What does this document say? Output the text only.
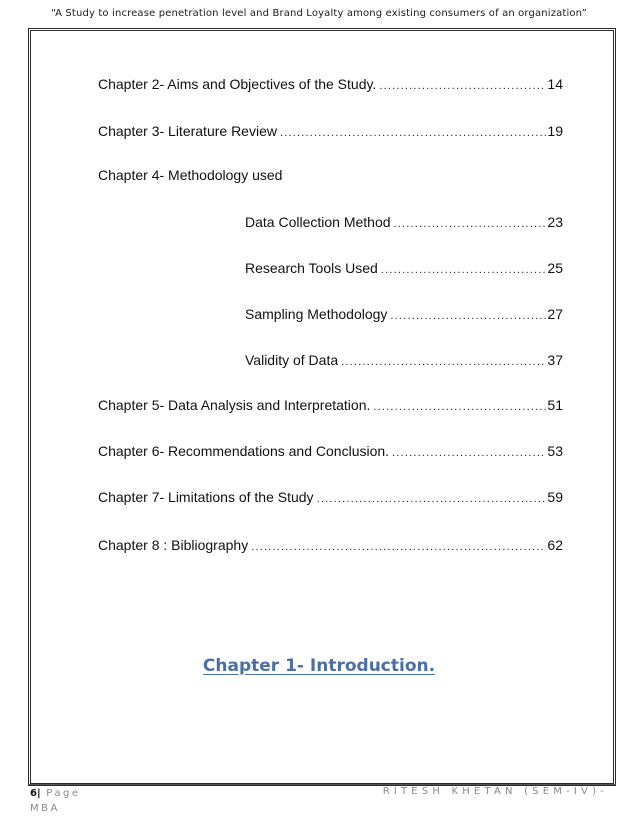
“A Study to increase penetration level and Brand Loyalty among existing consumers of an organization”
Chapter 2- Aims and Objectives of the Study. .....	14
Chapter 3- Literature Review .....	19
Chapter 4- Methodology used
Data Collection Method .....	23
Research Tools Used .....	25
Sampling Methodology .....	27
Validity of Data .....	37
Chapter 5- Data Analysis and Interpretation. .....	51
Chapter 6- Recommendations and Conclusion. .....	53
Chapter 7- Limitations of the Study .....	59
Chapter 8 : Bibliography .....	62
Chapter 1- Introduction.
6| Page
MBA
RITESH KHETAN (SEM-IV)-
